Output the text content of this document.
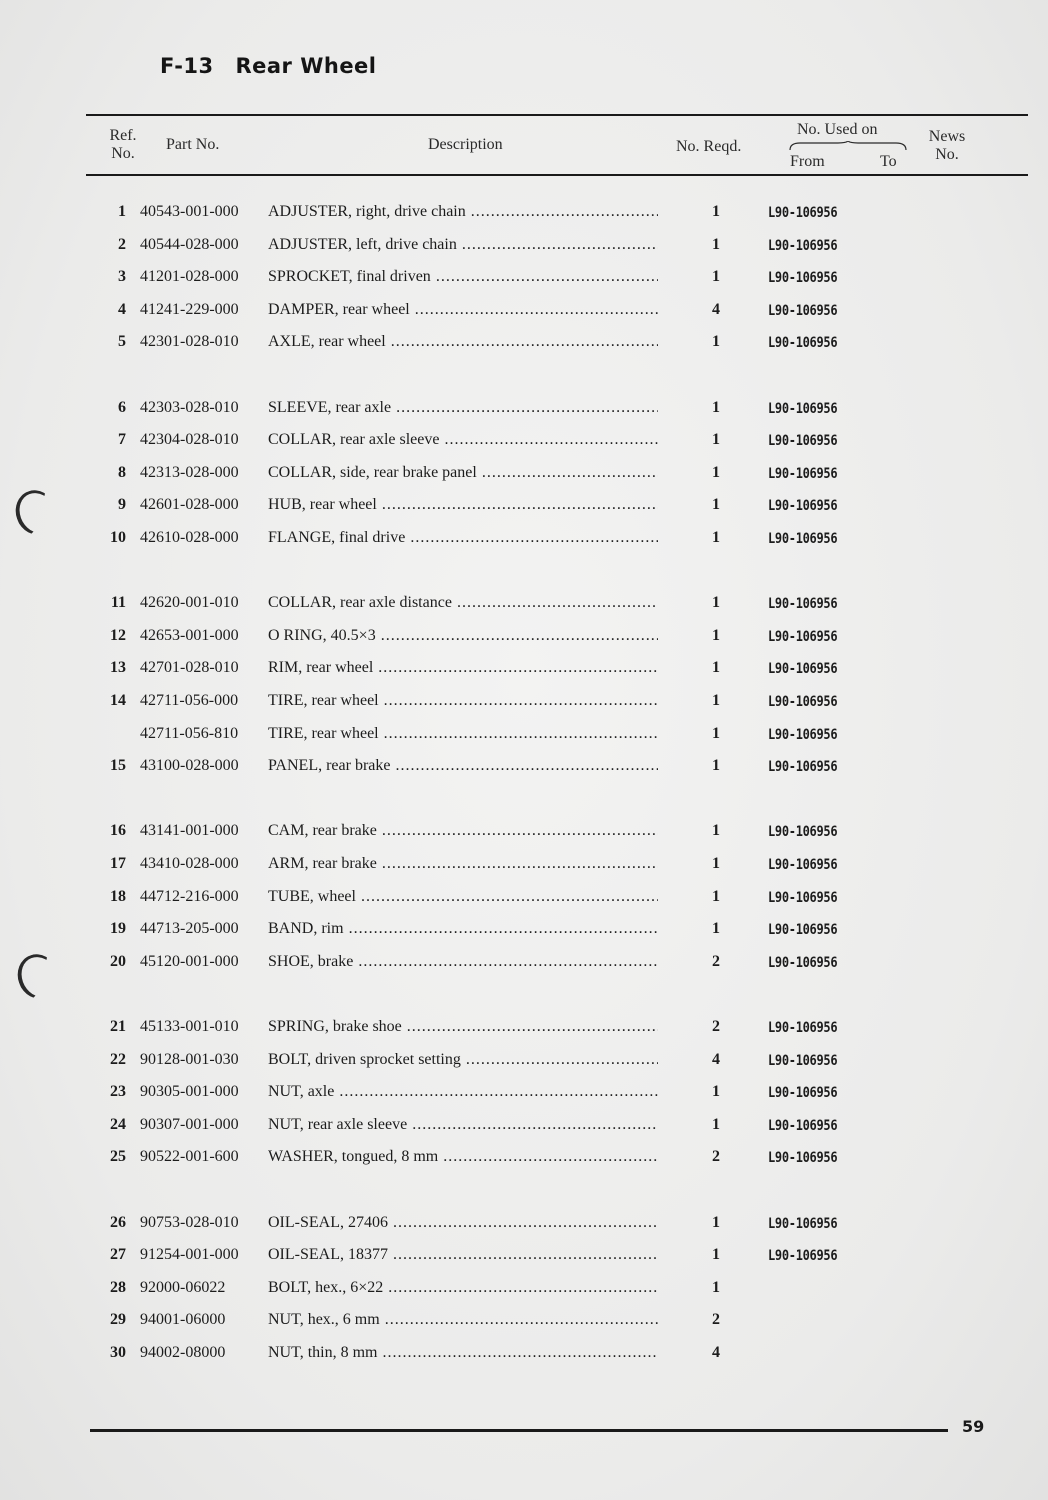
F-13 Rear Wheel
Ref.
No.
Part No.	Description	No. Reqd.
No. Used on
From	To
News
No.
1 40543-001-000	ADJUSTER, right, drive chain .....	1	L90-106956
2 40544-028-000	ADJUSTER, left, drive chain .....	1	L90-106956
3 41201-028-000	SPROCKET, final driven .....	1	L90-106956
4 41241-229-000	DAMPER, rear wheel .....	4	L90-106956
5 42301-028-010	AXLE, rear wheel .....	1	L90-106956
6 42303-028-010	SLEEVE, rear axle .....	1	L90-106956
7 42304-028-010	COLLAR, rear axle sleeve .....	1	L90-106956
8 42313-028-000	COLLAR, side, rear brake panel .....	1	L90-106956
9 42601-028-000	HUB, rear wheel .....	1	L90-106956
10 42610-028-000	FLANGE, final drive .....	1	L90-106956
11 42620-001-010	COLLAR, rear axle distance .....	1	L90-106956
12 42653-001-000	O RING, 40.5×3 .....	1	L90-106956
13 42701-028-010	RIM, rear wheel .....	1	L90-106956
14 42711-056-000	TIRE, rear wheel .....	1	L90-106956
42711-056-810	TIRE, rear wheel .....	1	L90-106956
15 43100-028-000	PANEL, rear brake .....	1	L90-106956
16 43141-001-000	CAM, rear brake .....	1	L90-106956
17 43410-028-000	ARM, rear brake .....	1	L90-106956
18 44712-216-000	TUBE, wheel .....	1	L90-106956
19 44713-205-000	BAND, rim .....	1	L90-106956
20 45120-001-000	SHOE, brake .....	2	L90-106956
21 45133-001-010	SPRING, brake shoe .....	2	L90-106956
22 90128-001-030	BOLT, driven sprocket setting .....	4	L90-106956
23 90305-001-000	NUT, axle .....	1	L90-106956
24 90307-001-000	NUT, rear axle sleeve .....	1	L90-106956
25 90522-001-600	WASHER, tongued, 8 mm .....	2	L90-106956
26 90753-028-010	OIL-SEAL, 27406 .....	1	L90-106956
27 91254-001-000	OIL-SEAL, 18377 .....	1	L90-106956
28 92000-06022	BOLT, hex., 6×22 .....	1
29 94001-06000	NUT, hex., 6 mm .....	2
30 94002-08000	NUT, thin, 8 mm .....	4
59
